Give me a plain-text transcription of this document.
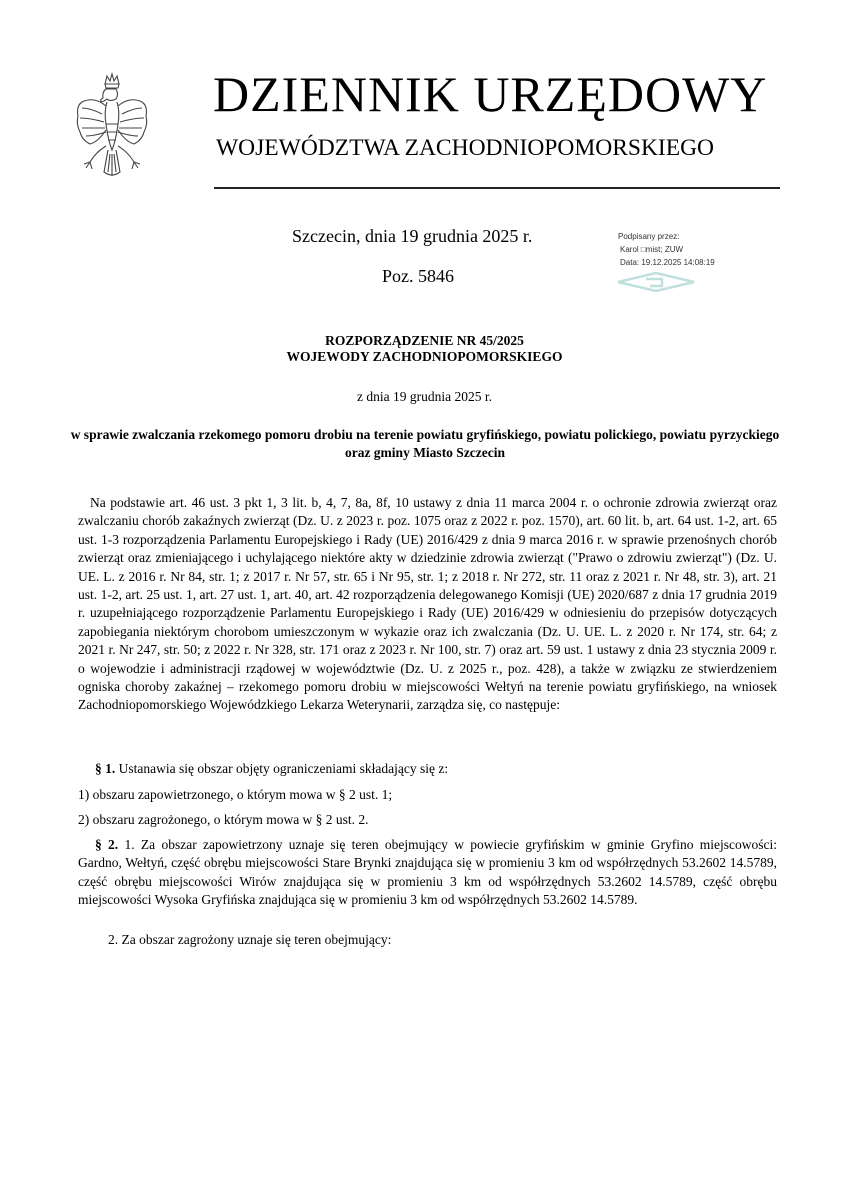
DZIENNIK URZĘDOWY
WOJEWÓDZTWA ZACHODNIOPOMORSKIEGO
Szczecin, dnia 19 grudnia 2025 r.
Poz. 5846
Podpisany przez:
Karol □mist; ZUW
Data: 19.12.2025 14:08:19
ROZPORZĄDZENIE NR 45/2025
WOJEWODY ZACHODNIOPOMORSKIEGO
z dnia 19 grudnia 2025 r.
w sprawie zwalczania rzekomego pomoru drobiu na terenie powiatu gryfińskiego, powiatu polickiego, powiatu pyrzyckiego oraz gminy Miasto Szczecin
Na podstawie art. 46 ust. 3 pkt 1, 3 lit. b, 4, 7, 8a, 8f, 10 ustawy z dnia 11 marca 2004 r. o ochronie zdrowia zwierząt oraz zwalczaniu chorób zakaźnych zwierząt (Dz. U. z 2023 r. poz. 1075 oraz z 2022 r. poz. 1570), art. 60 lit. b, art. 64 ust. 1-2, art. 65 ust. 1-3 rozporządzenia Parlamentu Europejskiego i Rady (UE) 2016/429 z dnia 9 marca 2016 r. w sprawie przenośnych chorób zwierząt oraz zmieniającego i uchylającego niektóre akty w dziedzinie zdrowia zwierząt ("Prawo o zdrowiu zwierząt") (Dz. U. UE. L. z 2016 r. Nr 84, str. 1; z 2017 r. Nr 57, str. 65 i Nr 95, str. 1; z 2018 r. Nr 272, str. 11 oraz z 2021 r. Nr 48, str. 3), art. 21 ust. 1-2, art. 25 ust. 1, art. 27 ust. 1, art. 40, art. 42 rozporządzenia delegowanego Komisji (UE) 2020/687 z dnia 17 grudnia 2019 r. uzupełniającego rozporządzenie Parlamentu Europejskiego i Rady (UE) 2016/429 w odniesieniu do przepisów dotyczących zapobiegania niektórym chorobom umieszczonym w wykazie oraz ich zwalczania (Dz. U. UE. L. z 2020 r. Nr 174, str. 64; z 2021 r. Nr 247, str. 50; z 2022 r. Nr 328, str. 171 oraz z 2023 r. Nr 100, str. 7) oraz art. 59 ust. 1 ustawy z dnia 23 stycznia 2009 r. o wojewodzie i administracji rządowej w województwie (Dz. U. z 2025 r., poz. 428), a także w związku ze stwierdzeniem ogniska choroby zakaźnej – rzekomego pomoru drobiu w miejscowości Wełtyń na terenie powiatu gryfińskiego, na wniosek Zachodniopomorskiego Wojewódzkiego Lekarza Weterynarii, zarządza się, co następuje:
§ 1. Ustanawia się obszar objęty ograniczeniami składający się z:
1) obszaru zapowietrzonego, o którym mowa w § 2 ust. 1;
2) obszaru zagrożonego, o którym mowa w § 2 ust. 2.
§ 2. 1. Za obszar zapowietrzony uznaje się teren obejmujący w powiecie gryfińskim w gminie Gryfino miejscowości: Gardno, Wełtyń, część obrębu miejscowości Stare Brynki znajdująca się w promieniu 3 km od współrzędnych 53.2602 14.5789, część obrębu miejscowości Wirów znajdująca się w promieniu 3 km od współrzędnych 53.2602 14.5789, część obrębu miejscowości Wysoka Gryfińska znajdująca się w promieniu 3 km od współrzędnych 53.2602 14.5789.
2. Za obszar zagrożony uznaje się teren obejmujący:
